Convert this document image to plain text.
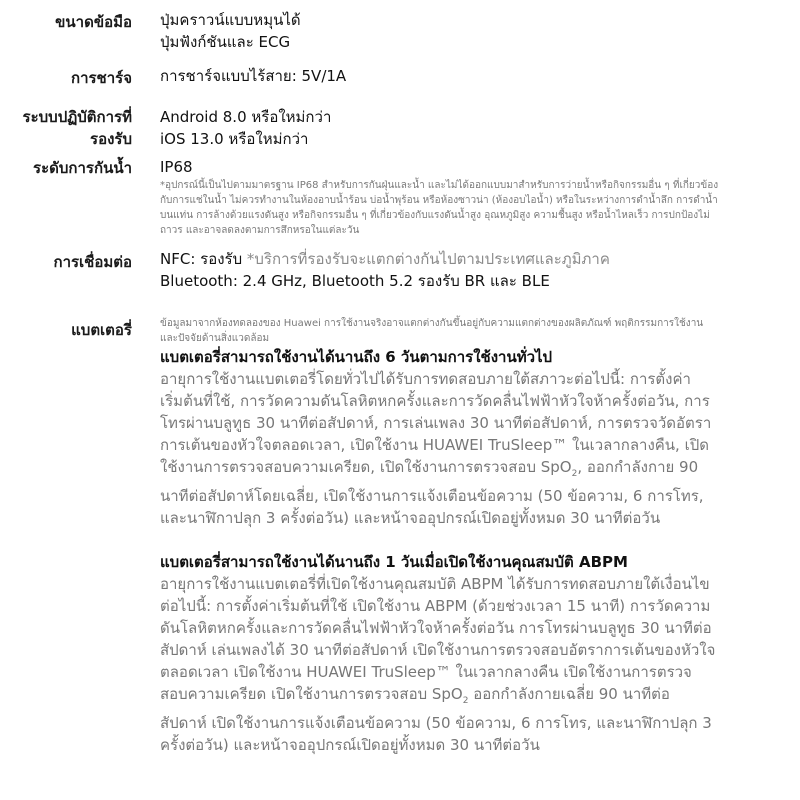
ขนาดข้อมือ ปุ่มคราวน์แบบหมุนได้
ปุ่มฟังก์ชันและ ECG
การชาร์จ การชาร์จแบบไร้สาย: 5V/1A
ระบบปฏิบัติการที่
รองรับ
Android 8.0 หรือใหม่กว่า
iOS 13.0 หรือใหม่กว่า
ระดับการกันน้ำ IP68
*อุปกรณ์นี้เป็นไปตามมาตรฐาน IP68 สำหรับการกันฝุ่นและน้ำ และไม่ได้ออกแบบมาสำหรับการว่ายน้ำหรือกิจกรรมอื่น ๆ ที่เกี่ยวข้อง
กับการแช่ในน้ำ ไม่ควรทำงานในห้องอาบน้ำร้อน บ่อน้ำพุร้อน หรือห้องซาวน่า (ห้องอบไอน้ำ) หรือในระหว่างการดำน้ำลึก การดำน้ำ
บนแท่น การล้างด้วยแรงดันสูง หรือกิจกรรมอื่น ๆ ที่เกี่ยวข้องกับแรงดันน้ำสูง อุณหภูมิสูง ความชื้นสูง หรือน้ำไหลเร็ว การปกป้องไม่
ถาวร และอาจลดลงตามการสึกหรอในแต่ละวัน
การเชื่อมต่อ NFC: รองรับ *บริการที่รองรับจะแตกต่างกันไปตามประเทศและภูมิภาค
Bluetooth: 2.4 GHz, Bluetooth 5.2 รองรับ BR และ BLE
แบตเตอรี่	ข้อมูลมาจากห้องทดลองของ Huawei การใช้งานจริงอาจแตกต่างกันขึ้นอยู่กับความแตกต่างของผลิตภัณฑ์ พฤติกรรมการใช้งาน
และปัจจัยด้านสิ่งแวดล้อม
แบตเตอรี่สามารถใช้งานได้นานถึง 6 วันตามการใช้งานทั่วไป
อายุการใช้งานแบตเตอรี่โดยทั่วไปได้รับการทดสอบภายใต้สภาวะต่อไปนี้: การตั้งค่า
เริ่มต้นที่ใช้, การวัดความดันโลหิตหกครั้งและการวัดคลื่นไฟฟ้าหัวใจห้าครั้งต่อวัน, การ
โทรผ่านบลูทูธ 30 นาทีต่อสัปดาห์, การเล่นเพลง 30 นาทีต่อสัปดาห์, การตรวจวัดอัตรา
การเต้นของหัวใจตลอดเวลา, เปิดใช้งาน HUAWEI TruSleep™ ในเวลากลางคืน, เปิด
ใช้งานการตรวจสอบความเครียด, เปิดใช้งานการตรวจสอบ SpO$_2$, ออกกำลังกาย 90
นาทีต่อสัปดาห์โดยเฉลี่ย, เปิดใช้งานการแจ้งเตือนข้อความ (50 ข้อความ, 6 การโทร,
และนาฬิกาปลุก 3 ครั้งต่อวัน) และหน้าจออุปกรณ์เปิดอยู่ทั้งหมด 30 นาทีต่อวัน
แบตเตอรี่สามารถใช้งานได้นานถึง 1 วันเมื่อเปิดใช้งานคุณสมบัติ ABPM
อายุการใช้งานแบตเตอรี่ที่เปิดใช้งานคุณสมบัติ ABPM ได้รับการทดสอบภายใต้เงื่อนไข
ต่อไปนี้: การตั้งค่าเริ่มต้นที่ใช้ เปิดใช้งาน ABPM (ด้วยช่วงเวลา 15 นาที) การวัดความ
ดันโลหิตหกครั้งและการวัดคลื่นไฟฟ้าหัวใจห้าครั้งต่อวัน การโทรผ่านบลูทูธ 30 นาทีต่อ
สัปดาห์ เล่นเพลงได้ 30 นาทีต่อสัปดาห์ เปิดใช้งานการตรวจสอบอัตราการเต้นของหัวใจ
ตลอดเวลา เปิดใช้งาน HUAWEI TruSleep™ ในเวลากลางคืน เปิดใช้งานการตรวจ
สอบความเครียด เปิดใช้งานการตรวจสอบ SpO$_2$ ออกกำลังกายเฉลี่ย 90 นาทีต่อ
สัปดาห์ เปิดใช้งานการแจ้งเตือนข้อความ (50 ข้อความ, 6 การโทร, และนาฬิกาปลุก 3
ครั้งต่อวัน) และหน้าจออุปกรณ์เปิดอยู่ทั้งหมด 30 นาทีต่อวัน
